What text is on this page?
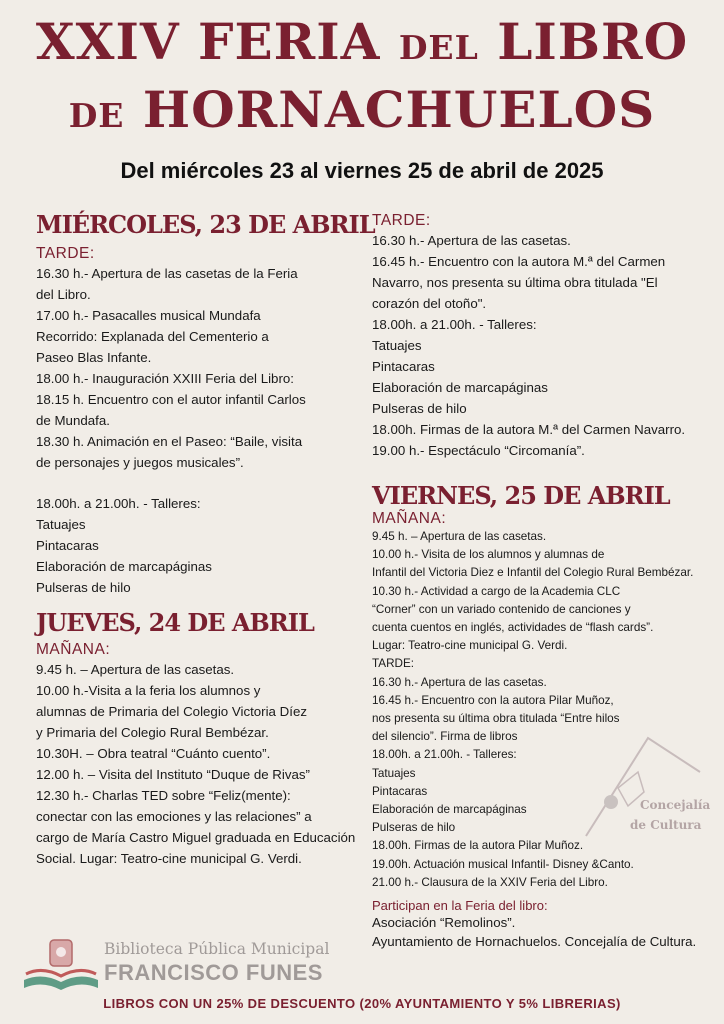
XXIV FERIA DEL LIBRO
DE HORNACHUELOS
Del miércoles 23 al viernes 25 de abril de 2025
MIÉRCOLES, 23 DE ABRIL
TARDE:
16.30 h.- Apertura de las casetas de la Feria
del Libro.
17.00 h.- Pasacalles musical Mundafa
Recorrido: Explanada del Cementerio a
Paseo Blas Infante.
18.00 h.- Inauguración XXIII Feria del Libro:
18.15 h. Encuentro con el autor infantil Carlos
de Mundafa.
18.30 h. Animación en el Paseo: “Baile, visita
de personajes y juegos musicales”.
18.00h. a 21.00h. - Talleres:
Tatuajes
Pintacaras
Elaboración de marcapáginas
Pulseras de hilo
JUEVES, 24 DE ABRIL
MAÑANA:
9.45 h. – Apertura de las casetas.
10.00 h.-Visita a la feria los alumnos y
alumnas de Primaria del Colegio Victoria Díez
y Primaria del Colegio Rural Bembézar.
10.30H. – Obra teatral “Cuánto cuento”.
12.00 h. – Visita del Instituto “Duque de Rivas”
12.30 h.- Charlas TED sobre “Feliz(mente):
conectar con las emociones y las relaciones” a
cargo de María Castro Miguel graduada en Educación
Social. Lugar: Teatro-cine municipal G. Verdi.
TARDE:
16.30 h.- Apertura de las casetas.
16.45 h.- Encuentro con la autora M.ª del Carmen
Navarro, nos presenta su última obra titulada "El
corazón del otoño".
18.00h. a 21.00h. - Talleres:
Tatuajes
Pintacaras
Elaboración de marcapáginas
Pulseras de hilo
18.00h. Firmas de la autora M.ª del Carmen Navarro.
19.00 h.- Espectáculo “Circomanía”.
VIERNES, 25 DE ABRIL
MAÑANA:
9.45 h. – Apertura de las casetas.
10.00 h.- Visita de los alumnos y alumnas de
Infantil del Victoria Diez e Infantil del Colegio Rural Bembézar.
10.30 h.- Actividad a cargo de la Academia CLC
“Corner” con un variado contenido de canciones y
cuenta cuentos en inglés, actividades de “flash cards”.
Lugar: Teatro-cine municipal G. Verdi.
TARDE:
16.30 h.- Apertura de las casetas.
16.45 h.- Encuentro con la autora Pilar Muñoz,
nos presenta su última obra titulada “Entre hilos
del silencio”. Firma de libros
18.00h. a 21.00h. - Talleres:
Tatuajes
Pintacaras
Elaboración de marcapáginas
Pulseras de hilo
18.00h. Firmas de la autora Pilar Muñoz.
19.00h. Actuación musical Infantil- Disney &Canto.
21.00 h.- Clausura de la XXIV Feria del Libro.
Participan en la Feria del libro:
Asociación “Remolinos”.
Ayuntamiento de Hornachuelos. Concejalía de Cultura.
Concejalía
de Cultura
Biblioteca Pública Municipal
FRANCISCO FUNES
LIBROS CON UN 25% DE DESCUENTO (20% AYUNTAMIENTO Y 5% LIBRERIAS)
